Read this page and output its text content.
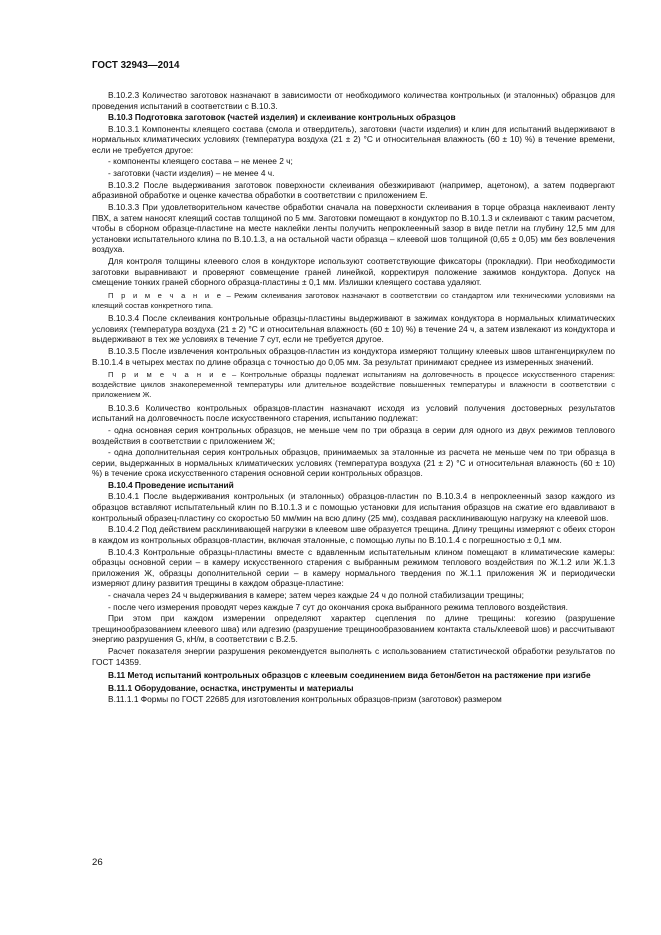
ГОСТ 32943—2014
В.10.2.3 Количество заготовок назначают в зависимости от необходимого количества контрольных (и эталонных) образцов для проведения испытаний в соответствии с В.10.3.
В.10.3 Подготовка заготовок (частей изделия) и склеивание контрольных образцов
В.10.3.1 Компоненты клеящего состава (смола и отвердитель), заготовки (части изделия) и клин для испытаний выдерживают в нормальных климатических условиях (температура воздуха (21 ± 2) °С и относительная влажность (60 ± 10) %) в течение времени, если не требуется другое:
- компоненты клеящего состава – не менее 2 ч;
- заготовки (части изделия) – не менее 4 ч.
В.10.3.2 После выдерживания заготовок поверхности склеивания обезжиривают (например, ацетоном), а затем подвергают абразивной обработке и оценке качества обработки в соответствии с приложением Е.
В.10.3.3 При удовлетворительном качестве обработки сначала на поверхности склеивания в торце образца наклеивают ленту ПВХ, а затем наносят клеящий состав толщиной по 5 мм. Заготовки помещают в кондуктор по В.10.1.3 и склеивают с таким расчетом, чтобы в сборном образце-пластине на месте наклейки ленты получить непроклеенный зазор в виде петли на глубину 12,5 мм для установки испытательного клина по В.10.1.3, а на остальной части образца – клеевой шов толщиной (0,65 ± 0,05) мм без вовлечения воздуха.
Для контроля толщины клеевого слоя в кондукторе используют соответствующие фиксаторы (прокладки). При необходимости заготовки выравнивают и проверяют совмещение граней линейкой, корректируя положение зажимов кондуктора. Допуск на смещение тонких граней сборного образца-пластины ± 0,1 мм. Излишки клеящего состава удаляют.
П р и м е ч а н и е – Режим склеивания заготовок назначают в соответствии со стандартом или техническими условиями на клеящий состав конкретного типа.
В.10.3.4 После склеивания контрольные образцы-пластины выдерживают в зажимах кондуктора в нормальных климатических условиях (температура воздуха (21 ± 2) °С и относительная влажность (60 ± 10) %) в течение 24 ч, а затем извлекают из кондуктора и выдерживают в тех же условиях в течение 7 сут, если не требуется другое.
В.10.3.5 После извлечения контрольных образцов-пластин из кондуктора измеряют толщину клеевых швов штангенциркулем по В.10.1.4 в четырех местах по длине образца с точностью до 0,05 мм. За результат принимают среднее из измеренных значений.
П р и м е ч а н и е – Контрольные образцы подлежат испытаниям на долговечность в процессе искусственного старения: воздействие циклов знакопеременной температуры или длительное воздействие повышенных температуры и влажности в соответствии с приложением Ж.
В.10.3.6 Количество контрольных образцов-пластин назначают исходя из условий получения достоверных результатов испытаний на долговечность после искусственного старения, испытанию подлежат:
- одна основная серия контрольных образцов, не меньше чем по три образца в серии для одного из двух режимов теплового воздействия в соответствии с приложением Ж;
- одна дополнительная серия контрольных образцов, принимаемых за эталонные из расчета не меньше чем по три образца в серии, выдержанных в нормальных климатических условиях (температура воздуха (21 ± 2) °С и относительная влажность (60 ± 10) %) в течение срока искусственного старения основной серии контрольных образцов.
В.10.4 Проведение испытаний
В.10.4.1 После выдерживания контрольных (и эталонных) образцов-пластин по В.10.3.4 в непроклеенный зазор каждого из образцов вставляют испытательный клин по В.10.1.3 и с помощью установки для испытания образцов на сжатие его вдавливают в контрольный образец-пластину со скоростью 50 мм/мин на всю длину (25 мм), создавая расклинивающую нагрузку на клеевой шов.
В.10.4.2 Под действием расклинивающей нагрузки в клеевом шве образуется трещина. Длину трещины измеряют с обеих сторон в каждом из контрольных образцов-пластин, включая эталонные, с помощью лупы по В.10.1.4 с погрешностью ± 0,1 мм.
В.10.4.3 Контрольные образцы-пластины вместе с вдавленным испытательным клином помещают в климатические камеры: образцы основной серии – в камеру искусственного старения с выбранным режимом теплового воздействия по Ж.1.2 или Ж.1.3 приложения Ж, образцы дополнительной серии – в камеру нормального твердения по Ж.1.1 приложения Ж и периодически измеряют длину развития трещины в каждом образце-пластине:
- сначала через 24 ч выдерживания в камере; затем через каждые 24 ч до полной стабилизации трещины;
- после чего измерения проводят через каждые 7 сут до окончания срока выбранного режима теплового воздействия.
При этом при каждом измерении определяют характер сцепления по длине трещины: когезию (разрушение трещинообразованием клеевого шва) или адгезию (разрушение трещинообразованием контакта сталь/клеевой шов) и рассчитывают энергию разрушения G, кН/м, в соответствии с В.2.5.
Расчет показателя энергии разрушения рекомендуется выполнять с использованием статистической обработки результатов по ГОСТ 14359.
В.11 Метод испытаний контрольных образцов с клеевым соединением вида бетон/бетон на растяжение при изгибе
В.11.1 Оборудование, оснастка, инструменты и материалы
В.11.1.1 Формы по ГОСТ 22685 для изготовления контрольных образцов-призм (заготовок) размером
26
